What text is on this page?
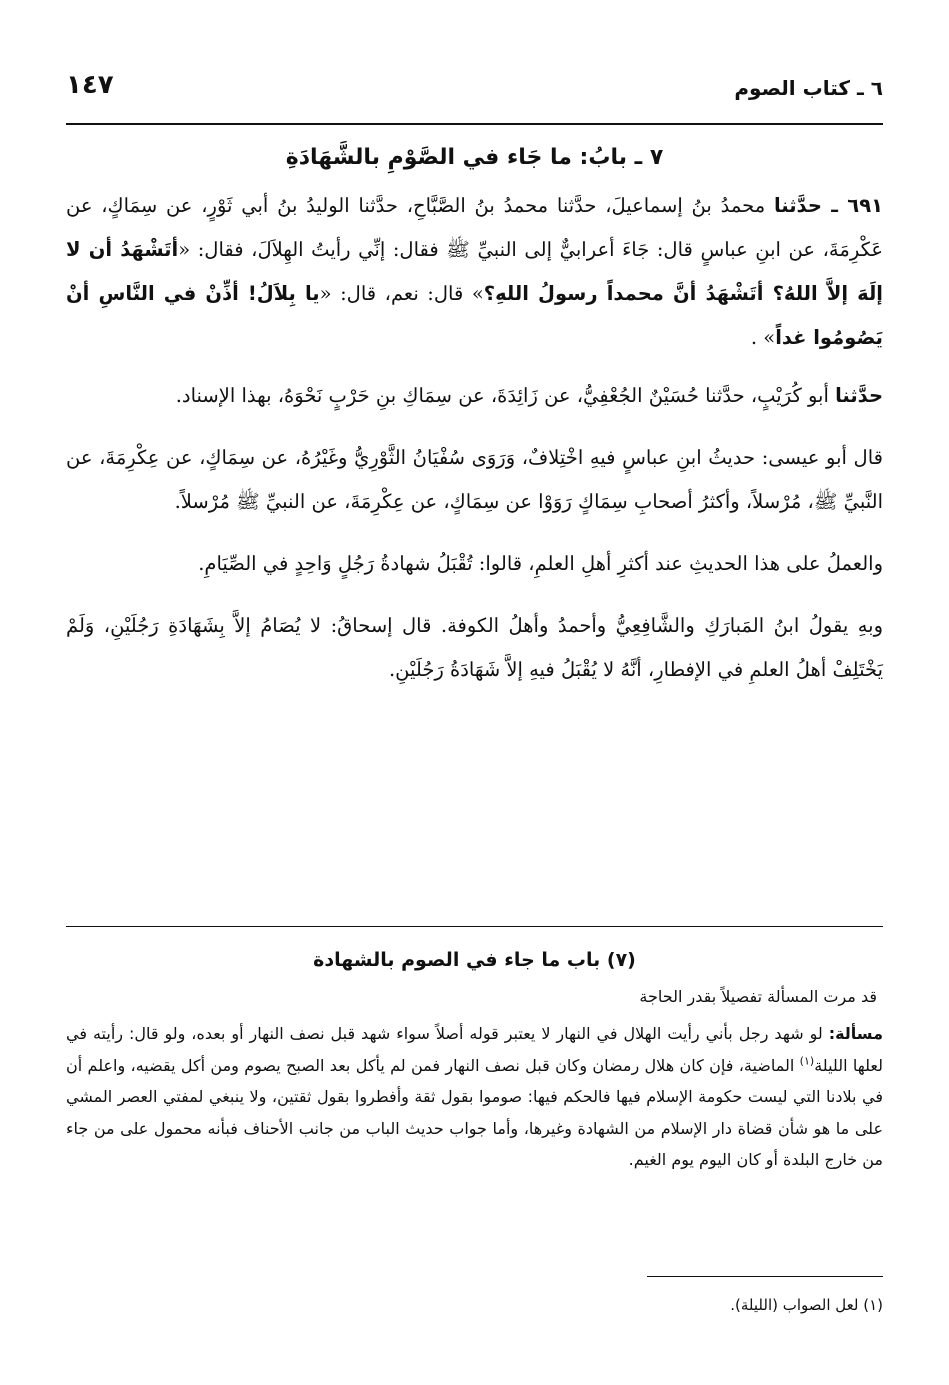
٦ ـ كتاب الصوم
١٤٧
٧ ـ بابُ: ما جَاء في الصَّوْمِ بالشَّهَادَةِ

٦٩١ ـ حدَّثنا محمدُ بنُ إسماعيلَ، حدَّثنا محمدُ بنُ الصَّبَّاحِ، حدَّثنا الوليدُ بنُ أبي ثَوْرٍ، عن سِمَاكٍ، عن عَكْرِمَةَ، عن ابنِ عباسٍ قال: جَاءَ أعرابيٌّ إلى النبيِّ ﷺ فقال: إنِّي رأيتُ الهِلاَلَ، فقال: «أتَشْهَدُ أن لا إلَهَ إلاَّ اللهُ؟ أتَشْهَدُ أنَّ محمداً رسولُ اللهِ؟» قال: نعم، قال: «يا بِلاَلُ! أذِّنْ في النَّاسِ أنْ يَصُومُوا غداً» .

حدَّثنا أبو كُرَيْبٍ، حدَّثنا حُسَيْنٌ الجُعْفِيُّ، عن زَائِدَةَ، عن سِمَاكِ بنِ حَرْبٍ نَحْوَهُ، بهذا الإسناد.

قال أبو عيسى: حديثُ ابنِ عباسٍ فيهِ اخْتِلافٌ، وَرَوَى سُفْيَانُ الثَّوْرِيُّ وغَيْرُهُ، عن سِمَاكٍ، عن عِكْرِمَةَ، عن النَّبيِّ ﷺ، مُرْسلاً، وأكثرُ أصحابِ سِمَاكٍ رَوَوْا عن سِمَاكٍ، عن عِكْرِمَةَ، عن النبيِّ ﷺ مُرْسلاً.

والعملُ على هذا الحديثِ عند أكثرِ أهلِ العلمِ، قالوا: تُقْبَلُ شهادةُ رَجُلٍ وَاحِدٍ في الصِّيَامِ.

وبهِ يقولُ ابنُ المَبارَكِ والشَّافِعِيُّ وأحمدُ وأهلُ الكوفة. قال إسحاقُ: لا يُصَامُ إلاَّ بِشَهَادَةِ رَجُلَيْنِ، وَلَمْ يَخْتَلِفْ أهلُ العلمِ في الإفطارِ، أنَّهُ لا يُقْبَلُ فيهِ إلاَّ شَهَادَةُ رَجُلَيْنِ.

(٧) باب ما جاء في الصوم بالشهادة

قد مرت المسألة تفصيلاً بقدر الحاجة

مسألة: لو شهد رجل بأني رأيت الهلال في النهار لا يعتبر قوله أصلاً سواء شهد قبل نصف النهار أو بعده، ولو قال: رأيته في لعلها الليلة$^{(١)}$ الماضية، فإن كان هلال رمضان وكان قبل نصف النهار فمن لم يأكل بعد الصبح يصوم ومن أكل يقضيه، واعلم أن في بلادنا التي ليست حكومة الإسلام فيها فالحكم فيها: صوموا بقول ثقة وأفطروا بقول ثقتين، ولا ينبغي لمفتي العصر المشي على ما هو شأن قضاة دار الإسلام من الشهادة وغيرها، وأما جواب حديث الباب من جانب الأحناف فبأنه محمول على من جاء من خارج البلدة أو كان اليوم يوم الغيم.

(١) لعل الصواب (الليلة).
